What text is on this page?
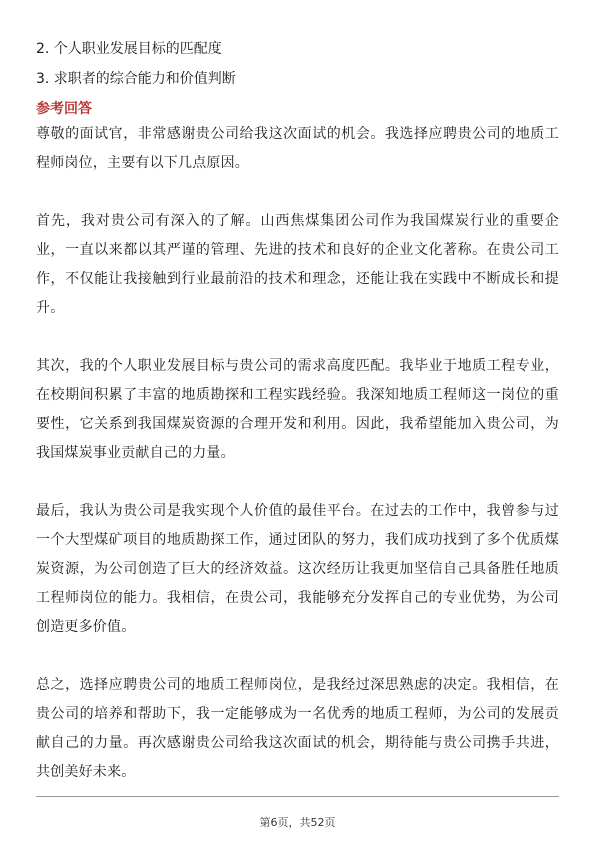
2. 个人职业发展目标的匹配度

3. 求职者的综合能力和价值判断

参考回答

尊敬的面试官，非常感谢贵公司给我这次面试的机会。我选择应聘贵公司的地质工程师岗位，主要有以下几点原因。

首先，我对贵公司有深入的了解。山西焦煤集团公司作为我国煤炭行业的重要企业，一直以来都以其严谨的管理、先进的技术和良好的企业文化著称。在贵公司工作，不仅能让我接触到行业最前沿的技术和理念，还能让我在实践中不断成长和提升。

其次，我的个人职业发展目标与贵公司的需求高度匹配。我毕业于地质工程专业，在校期间积累了丰富的地质勘探和工程实践经验。我深知地质工程师这一岗位的重要性，它关系到我国煤炭资源的合理开发和利用。因此，我希望能加入贵公司，为我国煤炭事业贡献自己的力量。

最后，我认为贵公司是我实现个人价值的最佳平台。在过去的工作中，我曾参与过一个大型煤矿项目的地质勘探工作，通过团队的努力，我们成功找到了多个优质煤炭资源，为公司创造了巨大的经济效益。这次经历让我更加坚信自己具备胜任地质工程师岗位的能力。我相信，在贵公司，我能够充分发挥自己的专业优势，为公司创造更多价值。

总之，选择应聘贵公司的地质工程师岗位，是我经过深思熟虑的决定。我相信，在贵公司的培养和帮助下，我一定能够成为一名优秀的地质工程师，为公司的发展贡献自己的力量。再次感谢贵公司给我这次面试的机会，期待能与贵公司携手共进，共创美好未来。

第6页，共52页
